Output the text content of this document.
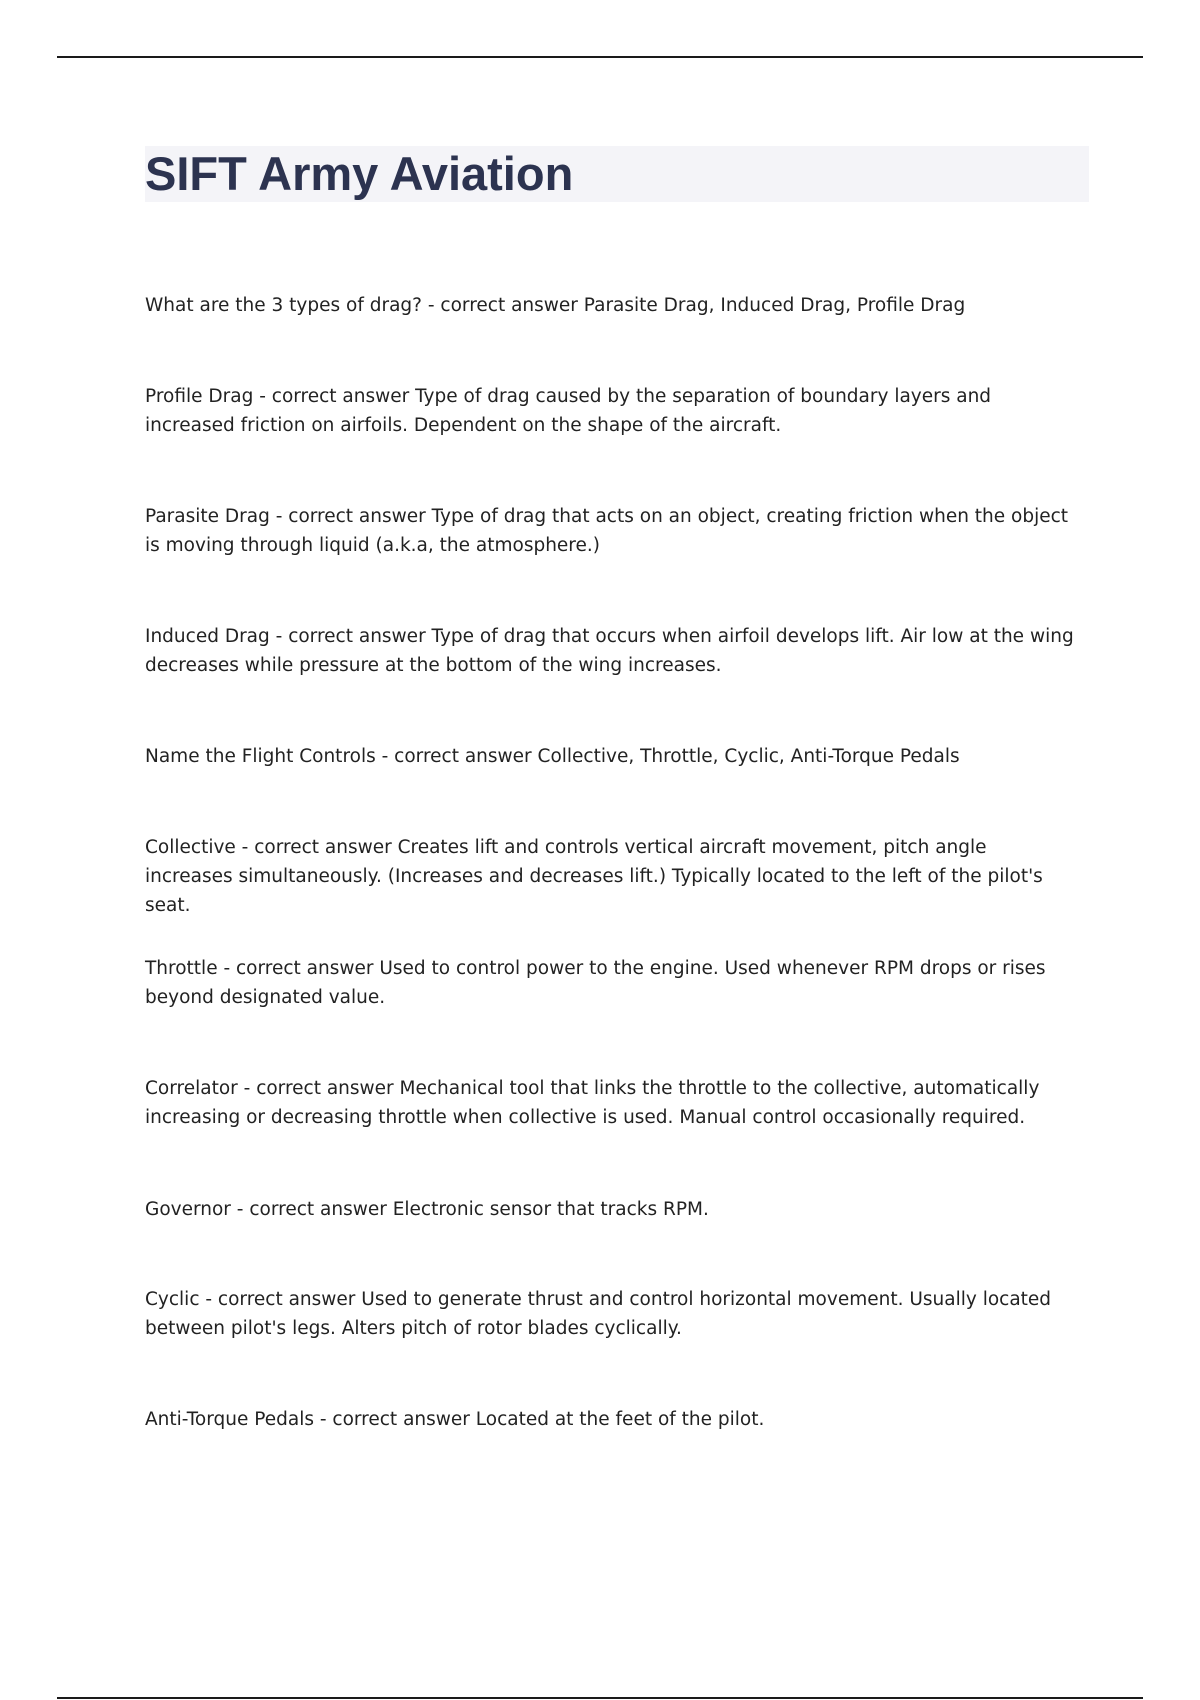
SIFT Army Aviation
What are the 3 types of drag? - correct answer Parasite Drag, Induced Drag, Profile Drag
Profile Drag - correct answer Type of drag caused by the separation of boundary layers and increased friction on airfoils. Dependent on the shape of the aircraft.
Parasite Drag - correct answer Type of drag that acts on an object, creating friction when the object is moving through liquid (a.k.a, the atmosphere.)
Induced Drag - correct answer Type of drag that occurs when airfoil develops lift. Air low at the wing decreases while pressure at the bottom of the wing increases.
Name the Flight Controls - correct answer Collective, Throttle, Cyclic, Anti-Torque Pedals
Collective - correct answer Creates lift and controls vertical aircraft movement, pitch angle increases simultaneously. (Increases and decreases lift.) Typically located to the left of the pilot's seat.
Throttle - correct answer Used to control power to the engine. Used whenever RPM drops or rises beyond designated value.
Correlator - correct answer Mechanical tool that links the throttle to the collective, automatically increasing or decreasing throttle when collective is used. Manual control occasionally required.
Governor - correct answer Electronic sensor that tracks RPM.
Cyclic - correct answer Used to generate thrust and control horizontal movement. Usually located between pilot's legs. Alters pitch of rotor blades cyclically.
Anti-Torque Pedals - correct answer Located at the feet of the pilot.
